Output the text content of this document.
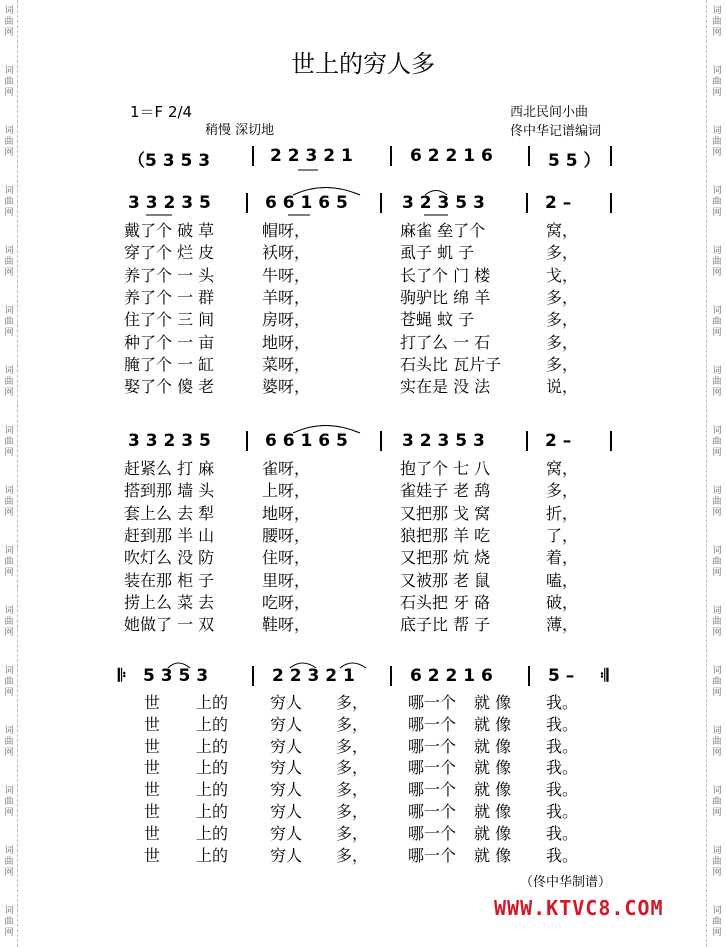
词
曲
网
词
曲
网
词
曲
网
词
曲
网
词
曲
网
词
曲
网
词
曲
网
词
曲
网
词
曲
网
词
曲
网
词
曲
网
词
曲
网
词
曲
网
词
曲
网
词
曲
网
词
曲
网
词
曲
网
词
曲
网
词
曲
网
词
曲
网
词
曲
网
词
曲
网
词
曲
网
词
曲
网
词
曲
网
词
曲
网
词
曲
网
词
曲
网
词
曲
网
词
曲
网
词
曲
网
词
曲
网
世上的穷人多
1＝F 2/4
稍慢 深切地
西北民间小曲
佟中华记谱编词
（5 3 5 3	2 2 3 2 1	6 2 2 1 6	5 5 ）
3 3 2 3 5	6 6 1 6 5	3 2 3 5 3	2 –
戴了个 破 草	帽呀，	麻雀 垒了个	窝，
穿了个 烂 皮	袄呀，	虱子 虮 子	多，
养了个 一 头	牛呀，	长了个 门 楼	戈，
养了个 一 群	羊呀，	驹驴比 绵 羊	多，
住了个 三 间	房呀，	苍蝇 蚊 子	多，
种了个 一 亩	地呀，	打了么 一 石	多，
腌了个 一 缸	菜呀，	石头比 瓦片子	多，
娶了个 傻 老	婆呀，	实在是 没 法	说，
3 3 2 3 5	6 6 1 6 5	3 2 3 5 3	2 –
赶紧么 打 麻	雀呀，	抱了个 七 八	窝，
搭到那 墙 头	上呀，	雀娃子 老 鸹	多，
套上么 去 犁	地呀，	又把那 戈 窝	折，
赶到那 半 山	腰呀，	狼把那 羊 吃	了，
吹灯么 没 防	住呀，	又把那 炕 烧	着，
装在那 柜 子	里呀，	又被那 老 鼠	嗑，
捞上么 菜 去	吃呀，	石头把 牙 硌	破，
她做了 一 双	鞋呀，	底子比 帮 子	薄，
𝄆 5 3 5 3	2 2 3 2 1	6 2 2 1 6	5 – 𝄇
世 上的	穷人 多， 哪一个 就 像 我。
世 上的	穷人 多， 哪一个 就 像 我。
世 上的	穷人 多， 哪一个 就 像 我。
世 上的	穷人 多， 哪一个 就 像 我。
世 上的	穷人 多， 哪一个 就 像 我。
世 上的	穷人 多， 哪一个 就 像 我。
世 上的	穷人 多， 哪一个 就 像 我。
世 上的	穷人 多， 哪一个 就 像 我。
（佟中华制谱）
WWW.KTVC8.COM
